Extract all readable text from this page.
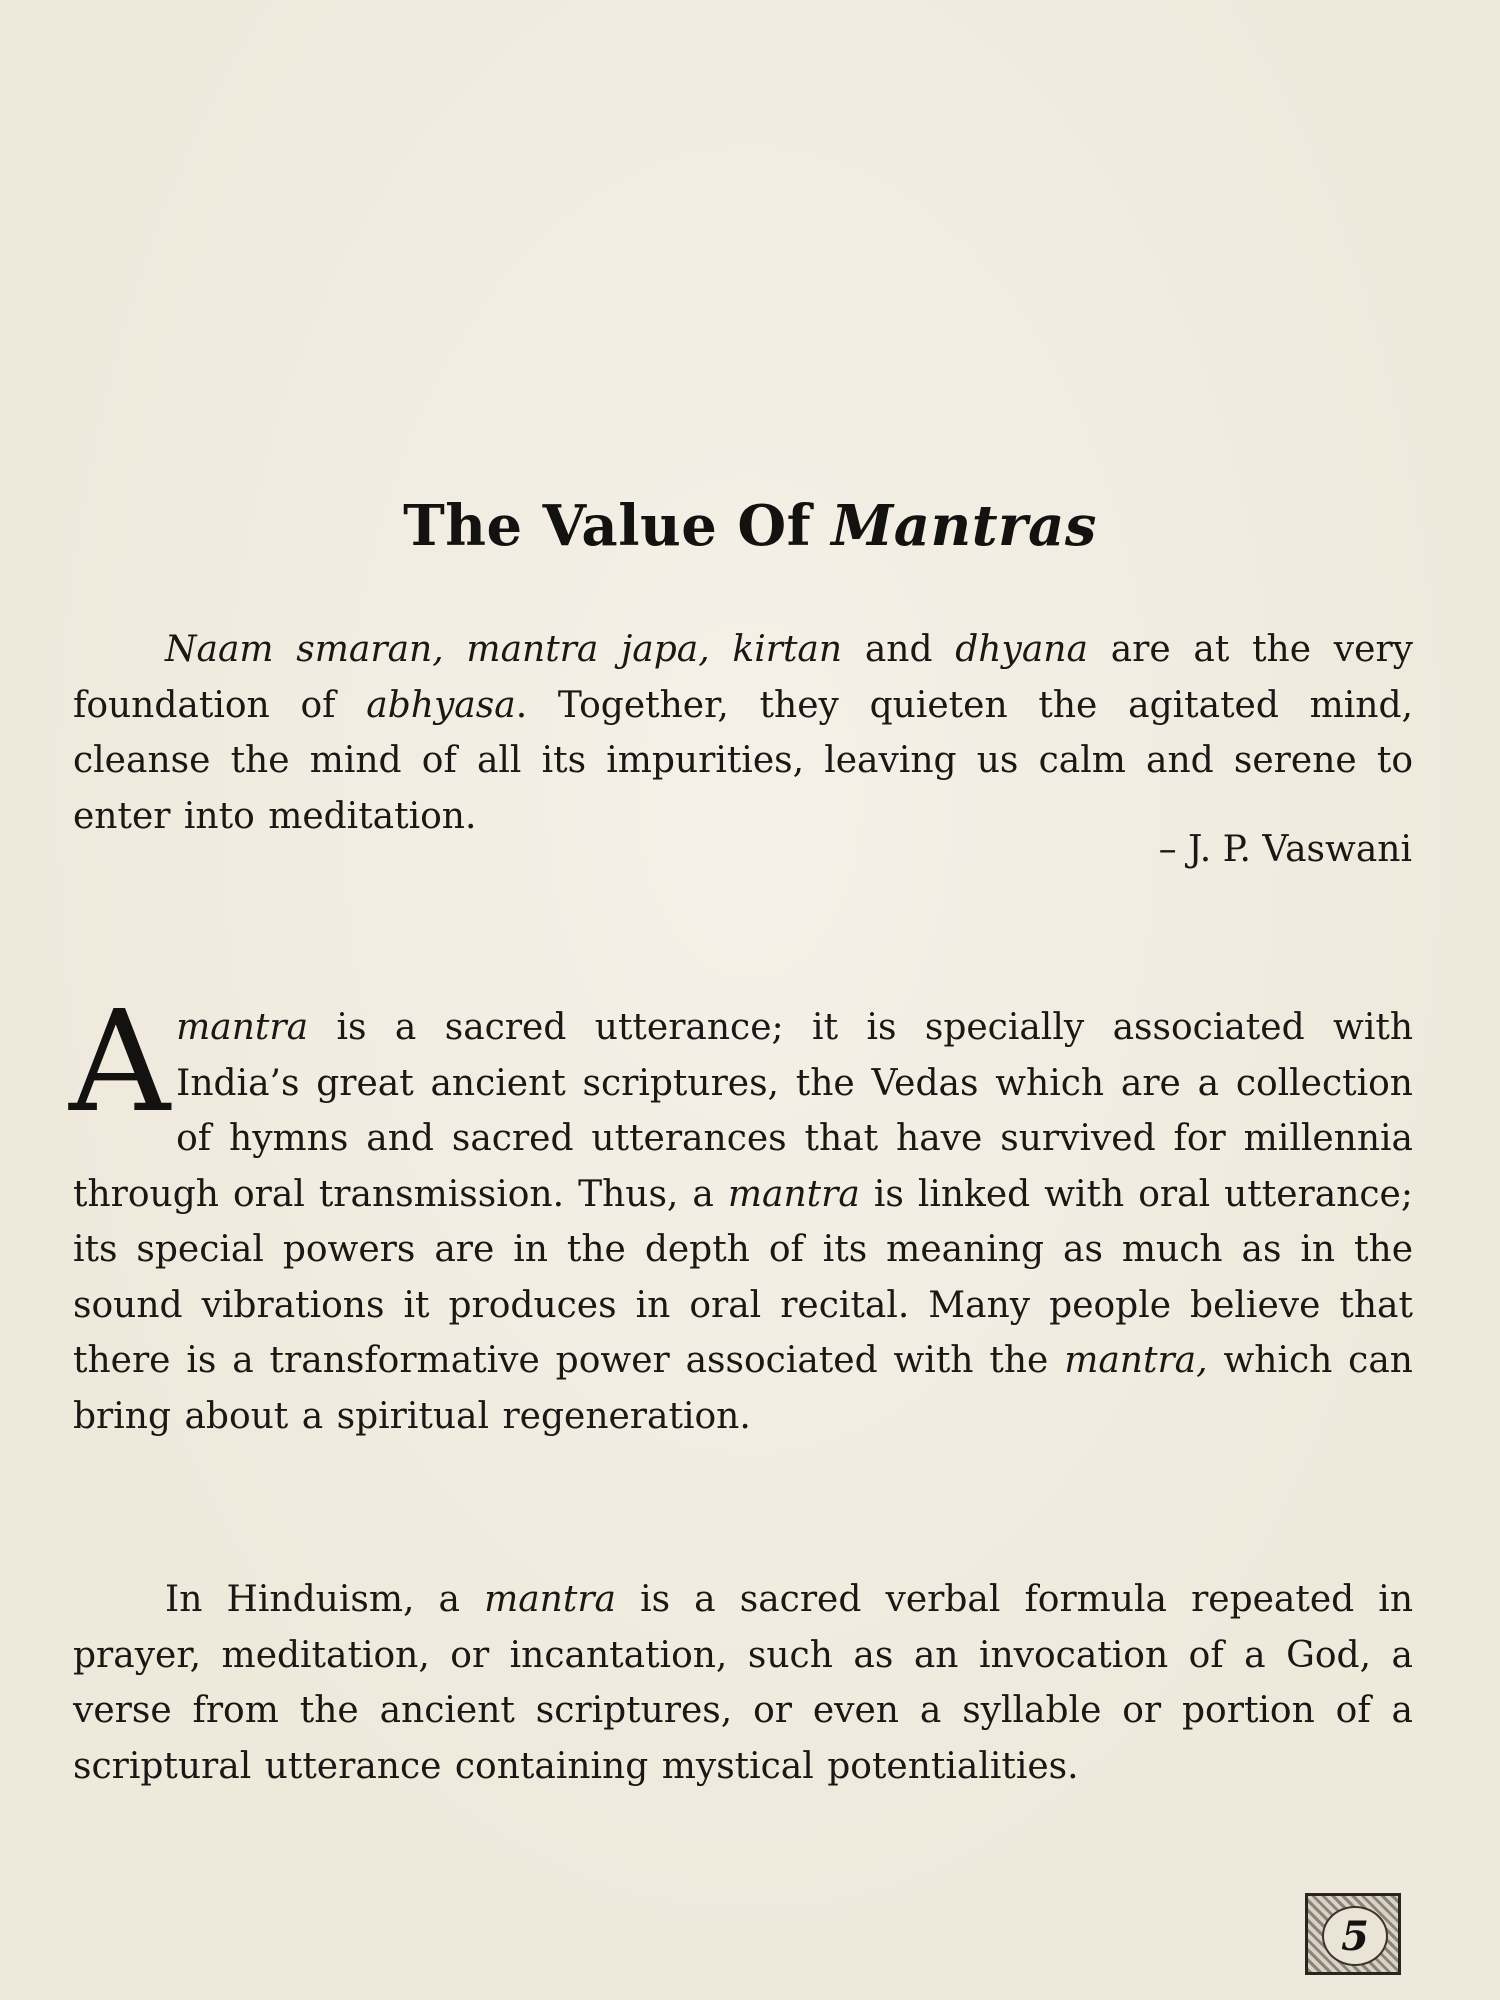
The Value Of Mantras

Naam smaran, mantra japa, kirtan and dhyana are at the very foundation of abhyasa. Together, they quieten the agitated mind, cleanse the mind of all its impurities, leaving us calm and serene to enter into meditation.

– J. P. Vaswani

Amantra is a sacred utterance; it is specially associated with India’s great ancient scriptures, the Vedas which are a collection of hymns and sacred utterances that have survived for millennia through oral transmission. Thus, a mantra is linked with oral utterance; its special powers are in the depth of its meaning as much as in the sound vibrations it produces in oral recital. Many people believe that there is a transformative power associated with the mantra, which can bring about a spiritual regeneration.

In Hinduism, a mantra is a sacred verbal formula repeated in prayer, meditation, or incantation, such as an invocation of a God, a verse from the ancient scriptures, or even a syllable or portion of a scriptural utterance containing mystical potentialities.

5
